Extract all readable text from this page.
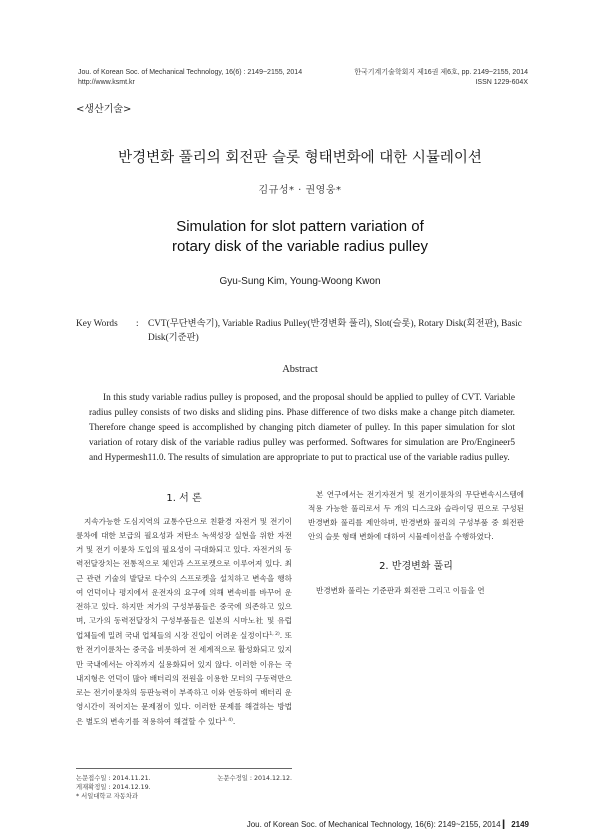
Jou. of Korean Soc. of Mechanical Technology, 16(6) : 2149~2155, 2014
http://www.ksmt.kr
한국기계기술학회지 제16권 제6호, pp. 2149~2155, 2014
ISSN 1229-604X
<생산기술>
반경변화 풀리의 회전판 슬롯 형태변화에 대한 시뮬레이션
김규성* · 권영웅*
Simulation for slot pattern variation of
rotary disk of the variable radius pulley
Gyu-Sung Kim, Young-Woong Kwon
Key Words	:	CVT(무단변속기), Variable Radius Pulley(반경변화 풀리), Slot(슬롯), Rotary Disk(회전판), Basic Disk(기준판)
Abstract
In this study variable radius pulley is proposed, and the proposal should be applied to pulley of CVT. Variable radius pulley consists of two disks and sliding pins. Phase difference of two disks make a change pitch diameter. Therefore change speed is accomplished by changing pitch diameter of pulley. In this paper simulation for slot variation of rotary disk of the variable radius pulley was performed. Softwares for simulation are Pro/Engineer5 and Hypermesh11.0. The results of simulation are appropriate to put to practical use of the variable radius pulley.
1. 서 론

지속가능한 도심지역의 교통수단으로 친환경 자전거 및 전기이륜차에 대한 보급의 필요성과 저탄소 녹색성장 실현을 위한 자전거 및 전기 이륜차 도입의 필요성이 극대화되고 있다. 자전거의 동력전달장치는 전통적으로 체인과 스프로켓으로 이루어져 있다. 최근 관련 기술의 발달로 다수의 스프로켓을 설치하고 변속을 행하여 언덕이나 평지에서 운전자의 요구에 의해 변속비를 바꾸어 운전하고 있다. 하지만 저가의 구성부품들은 중국에 의존하고 있으며, 고가의 동력전달장치 구성부품들은 일본의 시마노社 및 유럽 업체들에 밀려 국내 업체들의 시장 진입이 어려운 실정이다$^{1, 2)}$. 또한 전기이륜차는 중국을 비롯하여 전 세계적으로 활성화되고 있지만 국내에서는 아직까지 실용화되어 있지 않다. 이러한 이유는 국내지형은 언덕이 많아 배터리의 전원을 이용한 모터의 구동력만으로는 전기이륜차의 등판능력이 부족하고 이와 연동하여 배터리 운영시간이 적어지는 문제점이 있다. 이러한 문제를 해결하는 방법은 별도의 변속기를 적용하여 해결할 수 있다$^{3, 4)}$.

본 연구에서는 전기자전거 및 전기이륜차의 무단변속시스템에 적용 가능한 풀리로서 두 개의 디스크와 슬라이딩 핀으로 구성된 반경변화 풀리를 제안하며, 반경변화 풀리의 구성부품 중 회전판 안의 슬롯 형태 변화에 대하여 시뮬레이션을 수행하였다.

2. 반경변화 풀리

반경변화 풀리는 기준판과 회전판 그리고 이들을 연

논문접수일 : 2014.11.21.	논문수정일 : 2014.12.12.
게재확정일 : 2014.12.19.
* 서일대학교 자동차과
Jou. of Korean Soc. of Mechanical Technology, 16(6): 2149~2155, 2014 ▎ 2149
